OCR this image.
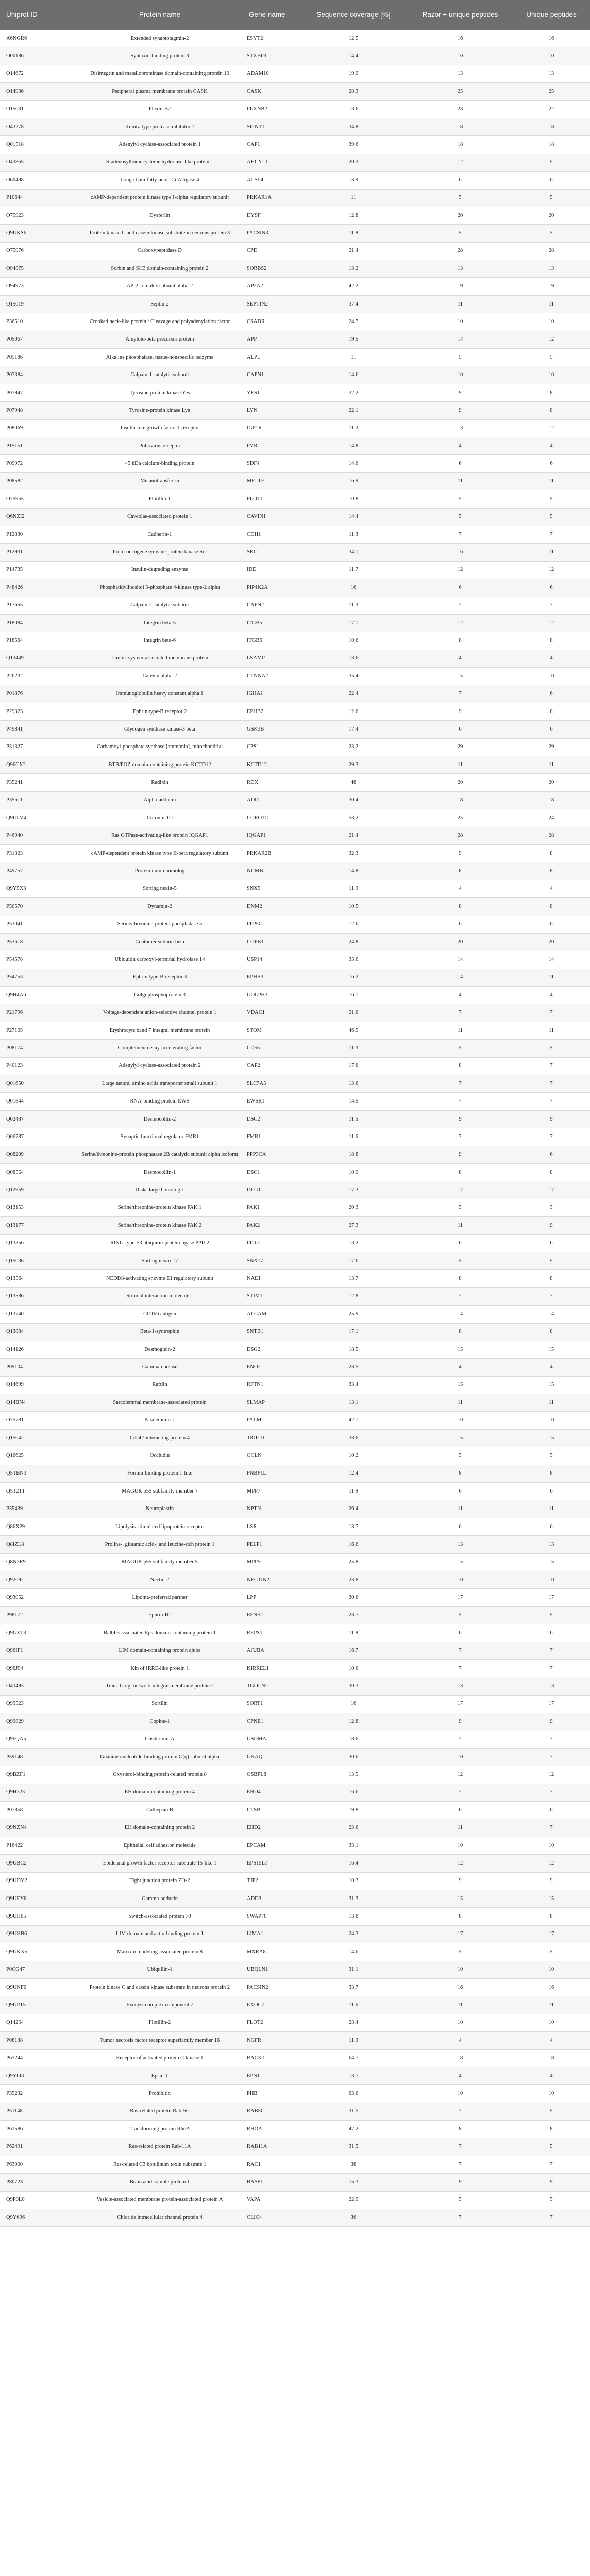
Uniprot ID	Protein name	Gene name	Sequence coverage [%]	Razor + unique peptides	Unique peptides
A6NGR6	Extended synaptotagmin-2	ESYT2	12.5	16	16
O00186	Syntaxin-binding protein 3	STXBP3	14.4	10	10
O14672	Disintegrin and metalloproteinase domain-containing protein 10	ADAM10	19.9	13	13
O14936	Peripheral plasma membrane protein CASK	CASK	28.3	25	25
O15031	Plexin-B2	PLXNB2	13.6	23	22
O43278	Kunitz-type protease inhibitor 1	SPINT1	34.8	18	18
Q01518	Adenylyl cyclase-associated protein 1	CAP1	39.6	18	18
O43865	S-adenosylhomocysteine hydrolase-like protein 1	AHCYL1	20.2	12	5
O60488	Long-chain-fatty-acid--CoA ligase 4	ACSL4	13.9	6	6
P10644	cAMP-dependent protein kinase type I-alpha regulatory subunit	PRKAR1A	11	5	5
O75923	Dysferlin	DYSF	12.8	20	20
Q9UKS6	Protein kinase C and casein kinase substrate in neurons protein 3	PACSIN3	11.8	5	5
O75976	Carboxypeptidase D	CPD	21.4	28	28
O94875	Sorbin and SH3 domain-containing protein 2	SORBS2	13.2	13	13
O94973	AP-2 complex subunit alpha-2	AP2A2	42.2	19	19
Q15019	Septin-2	SEPTIN2	37.4	11	11
P36510	Crooked neck-like protein / Cleavage and polyadenylation factor	CSADR	24.7	10	10
P05067	Amyloid-beta precursor protein	APP	19.5	14	12
P05186	Alkaline phosphatase, tissue-nonspecific isozyme	ALPL	11	5	5
P07384	Calpain-1 catalytic subunit	CAPN1	14.6	10	10
P07947	Tyrosine-protein kinase Yes	YES1	32.2	9	8
P07948	Tyrosine-protein kinase Lyn	LYN	22.1	9	8
P08069	Insulin-like growth factor 1 receptor	IGF1R	11.2	13	12
P15151	Poliovirus receptor	PVR	14.8	4	4
P09972	45 kDa calcium-binding protein	SDF4	14.6	6	6
P08582	Melanotransferrin	MELTF	16.9	11	11
O75955	Flotillin-1	FLOT1	10.8	5	5
Q6NZI2	Caveolae-associated protein 1	CAVIN1	14.4	5	5
P12830	Cadherin-1	CDH1	11.3	7	7
P12931	Proto-oncogene tyrosine-protein kinase Src	SRC	34.1	16	11
P14735	Insulin-degrading enzyme	IDE	11.7	12	12
P48426	Phosphatidylinositol 5-phosphate 4-kinase type-2 alpha	PIP4K2A	16	6	6
P17655	Calpain-2 catalytic subunit	CAPN2	11.3	7	7
P18084	Integrin beta-5	ITGB5	17.1	12	12
P18564	Integrin beta-6	ITGB6	10.6	8	8
Q13449	Limbic system-associated membrane protein	LSAMP	13.6	4	4
P26232	Catenin alpha-2	CTNNA2	35.4	15	10
P01876	Immunoglobulin heavy constant alpha 1	IGHA1	22.4	7	6
P29323	Ephrin type-B receptor 2	EPHB2	12.6	9	8
P49841	Glycogen synthase kinase-3 beta	GSK3B	17.4	6	6
P31327	Carbamoyl-phosphate synthase [ammonia], mitochondrial	CPS1	23.2	29	29
Q96CX2	BTB/POZ domain-containing protein KCTD12	KCTD12	29.3	11	11
P35241	Radixin	RDX	48	20	20
P35611	Alpha-adducin	ADD1	30.4	18	18
Q9ULV4	Coronin-1C	CORO1C	53.2	25	24
P46940	Ras GTPase-activating-like protein IQGAP1	IQGAP1	21.4	28	28
P31323	cAMP-dependent protein kinase type II-beta regulatory subunit	PRKAR2B	32.3	9	8
P49757	Protein numb homolog	NUMB	14.8	8	8
Q9Y5X3	Sorting nexin-5	SNX5	11.9	4	4
P50570	Dynamin-2	DNM2	10.5	8	8
P53041	Serine/threonine-protein phosphatase 5	PPP5C	12.6	6	6
P53618	Coatomer subunit beta	COPB1	24.8	20	20
P54578	Ubiquitin carboxyl-terminal hydrolase 14	USP14	35.6	14	14
P54753	Ephrin type-B receptor 3	EPHB3	16.2	14	11
Q9H4A6	Golgi phosphoprotein 3	GOLPH3	16.1	4	4
P21796	Voltage-dependent anion-selective channel protein 1	VDAC1	21.6	7	7
P27105	Erythrocyte band 7 integral membrane protein	STOM	46.5	11	11
P08174	Complement decay-accelerating factor	CD55	11.3	5	5
P40123	Adenylyl cyclase-associated protein 2	CAP2	17.6	8	7
Q01650	Large neutral amino acids transporter small subunit 1	SLC7A5	13.6	7	7
Q01844	RNA-binding protein EWS	EWSR1	14.5	7	7
Q02487	Desmocollin-2	DSC2	11.5	9	9
Q06787	Synaptic functional regulator FMR1	FMR1	11.6	7	7
Q08209	Serine/threonine-protein phosphatase 2B catalytic subunit alpha isoform	PPP3CA	18.8	9	6
Q08554	Desmocollin-1	DSC1	10.9	8	8
Q12959	Disks large homolog 1	DLG1	17.3	17	17
Q13153	Serine/threonine-protein kinase PAK 1	PAK1	20.3	5	3
Q13177	Serine/threonine-protein kinase PAK 2	PAK2	27.3	11	9
Q13356	RING-type E3 ubiquitin-protein ligase PPIL2	PPIL2	13.2	6	6
Q15036	Sorting nexin-17	SNX17	17.6	5	5
Q13564	NEDD8-activating enzyme E1 regulatory subunit	NAE1	13.7	8	8
Q13586	Stromal interaction molecule 1	STIM1	12.8	7	7
Q13740	CD166 antigen	ALCAM	25.9	14	14
Q13884	Beta-1-syntrophin	SNTB1	17.1	8	8
Q14126	Desmoglein-2	DSG2	18.5	15	15
P09104	Gamma-enolase	ENO2	23.5	4	4
Q14699	Raftlin	RFTN1	33.4	15	15
Q14BN4	Sarcolemmal membrane-associated protein	SLMAP	13.1	11	11
O75781	Paralemmin-1	PALM	42.1	10	10
Q15642	Cdc42-interacting protein 4	TRIP10	33.6	15	15
Q16625	Occludin	OCLN	10.2	5	5
Q5TBN3	Formin-binding protein 1-like	FNBP1L	12.4	8	8
Q5T2T1	MAGUK p55 subfamily member 7	MPP7	11.9	6	6
P35439	Neuroplastin	NPTN	26.4	11	11
Q86X29	Lipolysis-stimulated lipoprotein receptor	LSR	13.7	6	6
Q8IZL8	Proline-, glutamic acid-, and leucine-rich protein 1	PELP1	16.6	13	13
Q8N3R9	MAGUK p55 subfamily member 5	MPP5	25.8	15	15
Q92692	Nectin-2	NECTIN2	23.8	10	10
Q93052	Lipoma-preferred partner	LPP	30.6	17	17
P98172	Ephrin-B1	EFNB1	23.7	5	5
Q9GZT3	BalbP3-associated Eps domain-containing protein 1	REPS1	11.8	6	6
Q96IF1	LIM domain-containing protein ajuba	AJUBA	16.7	7	7
Q96J94	Kin of IRRE-like protein 1	KIRREL1	10.6	7	7
O43493	Trans-Golgi network integral membrane protein 2	TGOLN2	30.3	13	13
Q99523	Sortilin	SORT1	16	17	17
Q99829	Copine-1	CPNE1	12.8	9	9
Q96QA5	Gasdermin-A	GSDMA	18.6	7	7
P59148	Guanine nucleotide-binding protein G(q) subunit alpha	GNAQ	30.6	10	7
Q9BZF1	Oxysterol-binding protein-related protein 8	OSBPL8	13.5	12	12
Q9H223	EH domain-containing protein 4	EHD4	16.6	7	7
P07858	Cathepsin B	CTSB	19.8	6	6
Q9NZN4	EH domain-containing protein 2	EHD2	23.6	11	7
P16422	Epithelial cell adhesion molecule	EPCAM	33.1	10	10
Q9UBC2	Epidermal growth factor receptor substrate 15-like 1	EPS15L1	16.4	12	12
Q9UDY2	Tight junction protein ZO-2	TJP2	10.3	9	9
Q9UEY8	Gamma-adducin	ADD3	31.3	15	15
Q9UH65	Switch-associated protein 70	SWAP70	13.8	8	8
Q9UHB6	LIM domain and actin-binding protein 1	LIMA1	24.3	17	17
Q9UKX5	Matrix remodeling-associated protein 8	MXRA8	14.6	5	5
P0CG47	Ubiquilin-1	UBQLN1	31.1	10	10
Q9UNF0	Protein kinase C and casein kinase substrate in neurons protein 2	PACSIN2	33.7	16	16
Q9UPT5	Exocyst complex component 7	EXOC7	11.6	11	11
Q14254	Flotillin-2	FLOT2	23.4	10	10
P08138	Tumor necrosis factor receptor superfamily member 16	NGFR	11.9	4	4
P63244	Receptor of activated protein C kinase 1	RACK1	64.7	18	18
Q9Y6I3	Epsin-1	EPN1	13.7	4	4
P35232	Prohibitin	PHB	63.6	10	10
P51148	Ras-related protein Rab-5C	RAB5C	31.5	7	5
P61586	Transforming protein RhoA	RHOA	47.2	8	8
P62491	Ras-related protein Rab-11A	RAB11A	31.5	7	5
P63000	Ras-related C3 botulinum toxin substrate 1	RAC1	38	7	7
P80723	Brain acid soluble protein 1	BASP1	75.3	9	9
Q9P0L0	Vesicle-associated membrane protein-associated protein A	VAPA	22.9	5	5
Q9Y696	Chloride intracellular channel protein 4	CLIC4	36	7	7
